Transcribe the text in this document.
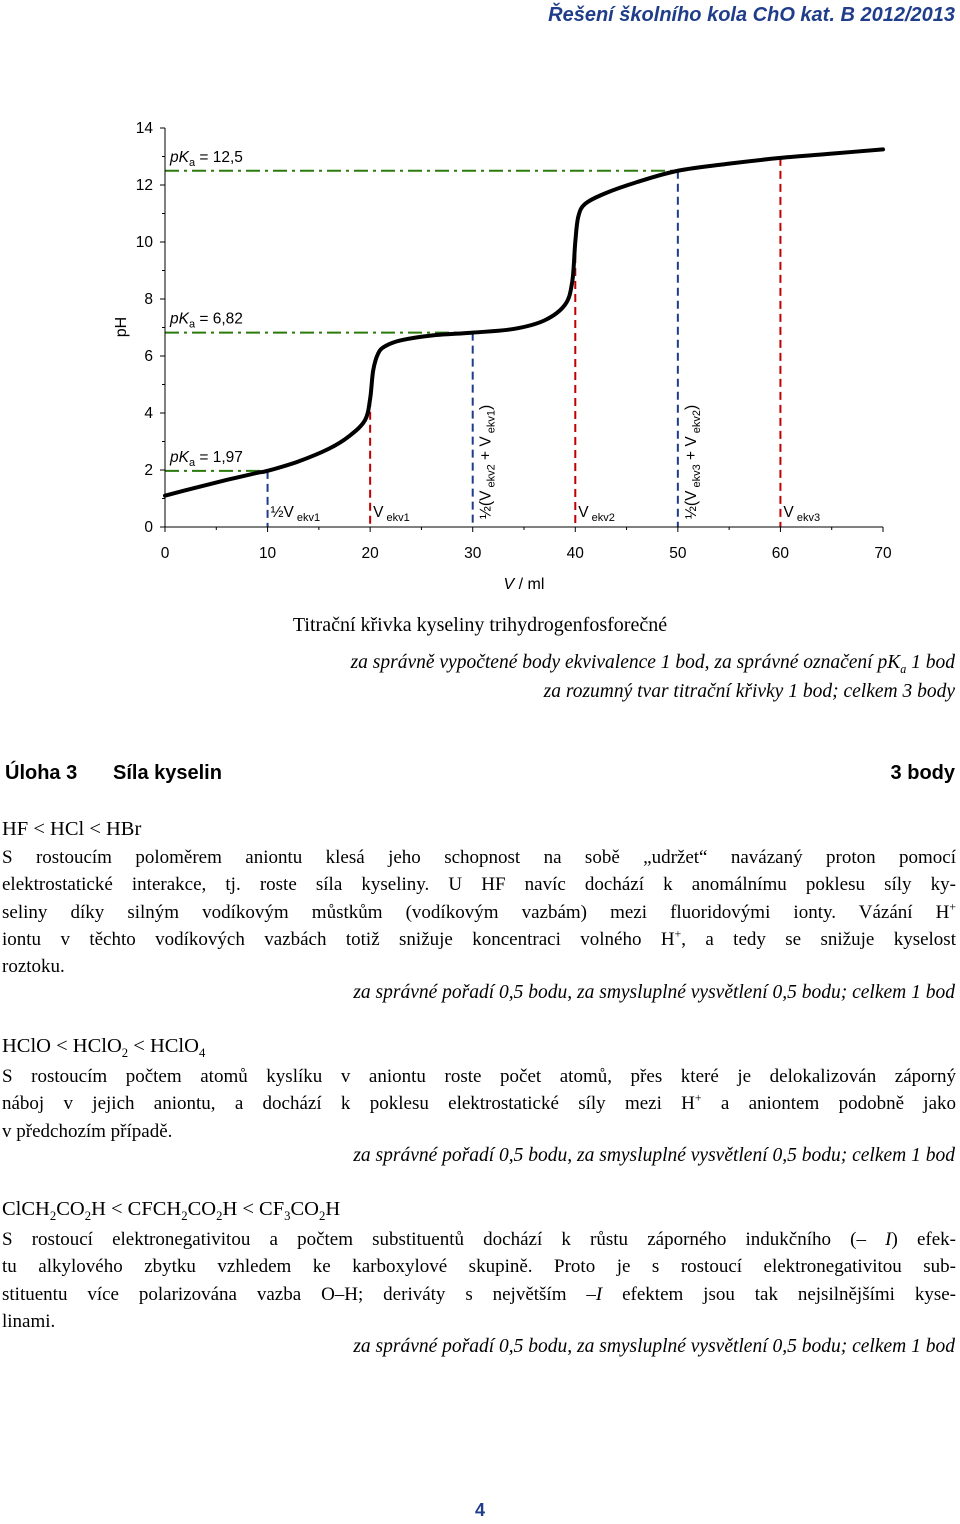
Řešení školního kola ChO kat. B 2012/2013
$pK_a = 1,97$
$pK_a = 6,82$
$pK_a = 12,5$
½V $_{ekv1}$	V $_{ekv1}$	½(V $_{ekv2}$ + V $_{ekv1}$)
V $_{ekv2}$	½(V $_{ekv3}$ + V $_{ekv2}$)
V $_{ekv3}$
0
2
4
6
8
10
12
14
0	10	20	30	40	50	60	70
pH
V / ml
Titrační křivka kyseliny trihydrogenfosforečné
za správně vypočtené body ekvivalence 1 bod, za správné označení $pK_a$ 1 bod
za rozumný tvar titrační křivky 1 bod; celkem 3 body
Úloha 3 Síla kyselin	3 body
HF < HCl < HBr
S rostoucím poloměrem aniontu klesá jeho schopnost na sobě „udržet“ navázaný proton pomocí
elektrostatické interakce, tj. roste síla kyseliny. U HF navíc dochází k anomálnímu poklesu síly ky-
seliny díky silným vodíkovým můstkům (vodíkovým vazbám) mezi fluoridovými ionty. Vázání H+
iontu v těchto vodíkových vazbách totiž snižuje koncentraci volného H+, a tedy se snižuje kyselost
roztoku.
za správné pořadí 0,5 bodu, za smysluplné vysvětlení 0,5 bodu; celkem 1 bod
HClO < HClO$_2$ < HClO$_4$
S rostoucím počtem atomů kyslíku v aniontu roste počet atomů, přes které je delokalizován záporný
náboj v jejich aniontu, a dochází k poklesu elektrostatické síly mezi H+ a aniontem podobně jako
v předchozím případě.
za správné pořadí 0,5 bodu, za smysluplné vysvětlení 0,5 bodu; celkem 1 bod
$ClCH_2CO_2H$ < $CFCH_2CO_2H < CF_3CO_2H$
S rostoucí elektronegativitou a počtem substituentů dochází k růstu záporného indukčního (– I) efek-
tu alkylového zbytku vzhledem ke karboxylové skupině. Proto je s rostoucí elektronegativitou sub-
stituentu více polarizována vazba O–H; deriváty s největším –I efektem jsou tak nejsilnějšími kyse-
linami.
za správné pořadí 0,5 bodu, za smysluplné vysvětlení 0,5 bodu; celkem 1 bod
4
